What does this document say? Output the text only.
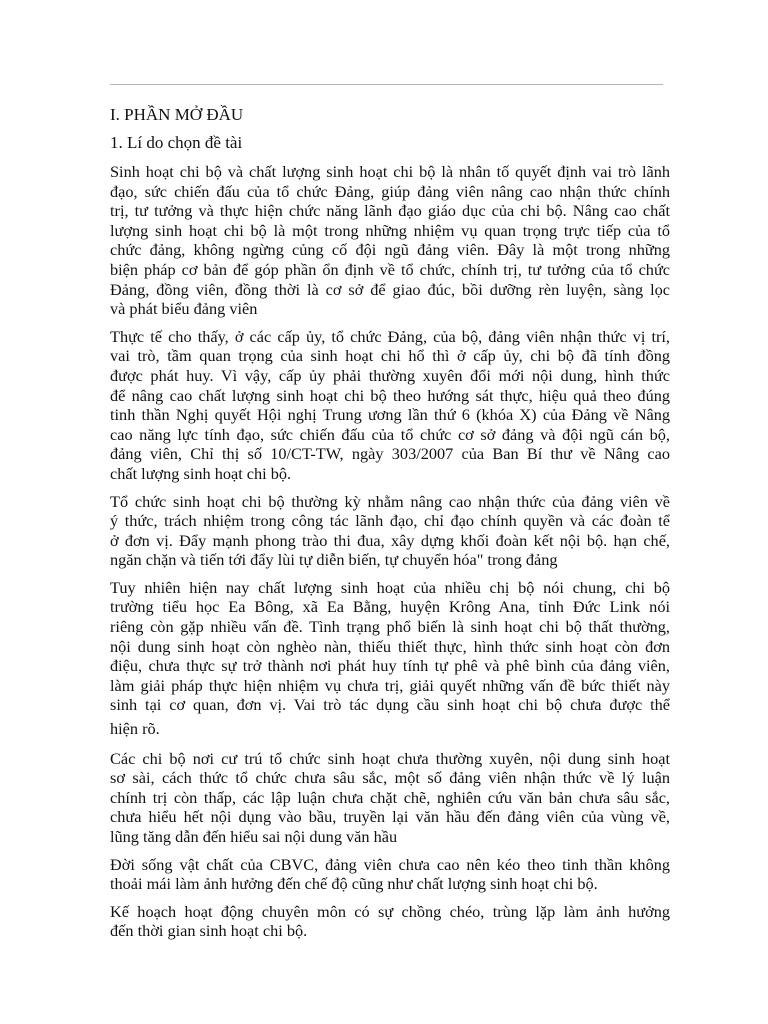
I. PHẦN MỞ ĐẦU
1. Lí do chọn đề tài
Sinh hoạt chi bộ và chất lượng sinh hoạt chi bộ là nhân tố quyết định vai trò lãnh
đạo, sức chiến đấu của tổ chức Đảng, giúp đảng viên nâng cao nhận thức chính
trị, tư tưởng và thực hiện chức năng lãnh đạo giáo dục của chi bộ. Nâng cao chất
lượng sinh hoạt chi bộ là một trong những nhiệm vụ quan trọng trực tiếp của tổ
chức đảng, không ngừng củng cố đội ngũ đảng viên. Đây là một trong những
biện pháp cơ bản để góp phần ổn định về tổ chức, chính trị, tư tưởng của tổ chức
Đảng, đồng viên, đồng thời là cơ sở để giao đúc, bồi dưỡng rèn luyện, sàng lọc
và phát biểu đảng viên
Thực tế cho thấy, ở các cấp ủy, tổ chức Đảng, của bộ, đảng viên nhận thức vị trí,
vai trò, tầm quan trọng của sinh hoạt chi hổ thì ở cấp ủy, chi bộ đã tính đồng
được phát huy. Vì vậy, cấp ủy phải thường xuyên đổi mới nội dung, hình thức
để nâng cao chất lượng sinh hoạt chi bộ theo hướng sát thực, hiệu quả theo đúng
tinh thần Nghị quyết Hội nghị Trung ương lần thứ 6 (khóa X) của Đảng về Nâng
cao năng lực tính đạo, sức chiến đấu của tổ chức cơ sở đảng và đội ngũ cán bộ,
đảng viên, Chỉ thị số 10/CT-TW, ngày 303/2007 của Ban Bí thư về Nâng cao
chất lượng sinh hoạt chi bộ.
Tổ chức sinh hoạt chi bộ thường kỳ nhằm nâng cao nhận thức của đảng viên về
ý thức, trách nhiệm trong công tác lãnh đạo, chỉ đạo chính quyền và các đoàn tể
ở đơn vị. Đẩy mạnh phong trào thi đua, xây dựng khối đoàn kết nội bộ. hạn chế,
ngăn chặn và tiến tới đẩy lùi tự diễn biến, tự chuyển hóa" trong đảng
Tuy nhiên hiện nay chất lượng sinh hoạt của nhiều chị bộ nói chung, chi bộ
trường tiểu học Ea Bông, xã Ea Bằng, huyện Krông Ana, tỉnh Đức Link nói
riêng còn gặp nhiều vấn đề. Tình trạng phổ biến là sinh hoạt chi bộ thất thường,
nội dung sinh hoạt còn nghèo nàn, thiếu thiết thực, hình thức sinh hoạt còn đơn
điệu, chưa thực sự trở thành nơi phát huy tính tự phê và phê bình của đảng viên,
làm giải pháp thực hiện nhiệm vụ chưa trị, giải quyết những vấn đề bức thiết này
sinh tại cơ quan, đơn vị. Vai trò tác dụng cầu sinh hoạt chi bộ chưa được thể
hiện rõ.
Các chi bộ nơi cư trú tổ chức sinh hoạt chưa thường xuyên, nội dung sinh hoạt
sơ sài, cách thức tổ chức chưa sâu sắc, một số đảng viên nhận thức về lý luận
chính trị còn thấp, các lập luận chưa chặt chẽ, nghiên cứu văn bản chưa sâu sắc,
chưa hiểu hết nội dụng vào bầu, truyền lại văn hầu đến đảng viên của vùng về,
lũng tăng dẫn đến hiểu sai nội dung văn hầu
Đời sống vật chất của CBVC, đảng viên chưa cao nên kéo theo tinh thần không
thoải mái làm ảnh hưởng đến chế độ cũng như chất lượng sinh hoạt chi bộ.
Kế hoạch hoạt động chuyên môn có sự chồng chéo, trùng lặp làm ảnh hưởng
đến thời gian sinh hoạt chi bộ.
